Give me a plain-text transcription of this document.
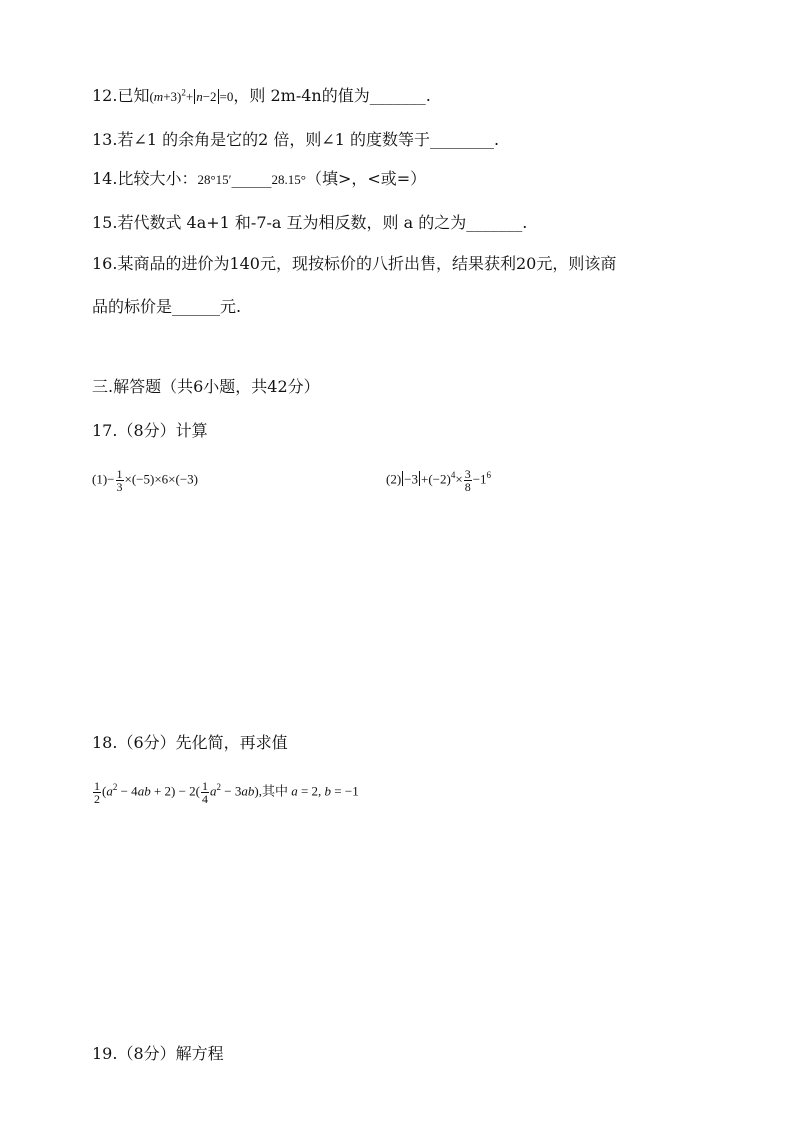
12.已知$(m+3)^2+ n-2 =0$，则 2m-4n的值为_______.
13.若∠1 的余角是它的2 倍，则∠1 的度数等于________.
14.比较大小：28°15′_____28.15°（填>，<或=）
15.若代数式 4a+1 和-7-a 互为相反数，则 a 的之为_______.
16.某商品的进价为140元，现按标价的八折出售，结果获利20元，则该商
品的标价是______元.
三.解答题（共6小题，共42分）
17.（8分）计算
$(1)- \frac{1}{3} \times(-5)\times 6\times(-3)$	$(2) -3 +(-2)^4\times \frac{3}{8} -1^6$
18.（6分）先化简，再求值
$\frac{1}{2} (a^2 - 4ab + 2) - 2( \frac{1}{4} a^2 - 3ab)$,其中 a = 2, b = −1
19.（8分）解方程
